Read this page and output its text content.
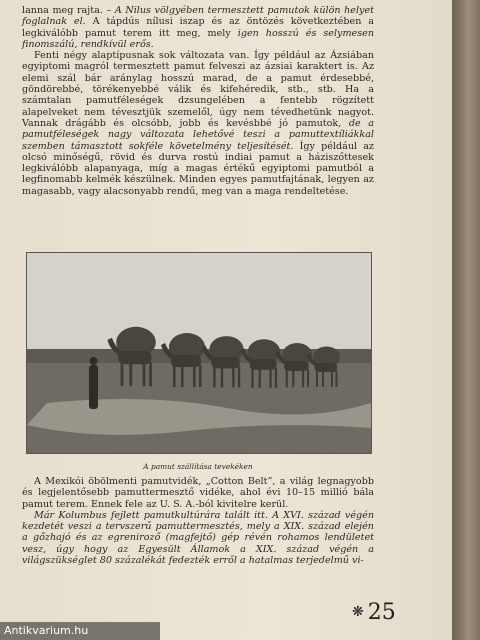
lanna meg rajta. – A Nilus völgyében termesztett pamutok külön helyet foglalnak el. A tápdús nílusi iszap és az öntözés következtében a legkiválóbb pamut terem itt meg, mely igen hosszú és selymesen finomszálú, rendkívül erős.

Fenti négy alaptípusnak sok változata van. Így például az Ázsiában egyiptomi magról termesztett pamut felveszi az ázsiai karaktert is. Az elemi szál bár aránylag hosszú marad, de a pamut érdesebbé, göndörebbé, törékenyebbé válik és kifehéredik, stb., stb. Ha a számtalan pamutféleségek dzsungelében a fentebb rögzített alapelveket nem tévesztjük szemelől, úgy nem tévedhetünk nagyot. Vannak drágább és olcsóbb, jobb és kevésbbé jó pamutok, de a pamutféleségek nagy változata lehetővé teszi a pamuttextíliákkal szemben támasztott sokféle követelmény teljesítését. Így például az olcsó minőségű, rövid és durva rostú indiai pamut a háziszőttesek legkiválóbb alapanyaga, míg a magas értékű egyiptomi pamutból a legfinomabb kelmék készülnek. Minden egyes pamutfajtának, legyen az magasabb, vagy alacsonyabb rendű, meg van a maga rendeltetése.

A pamut szállítása tevekéken

A Mexikói öbölmenti pamutvidék, „Cotton Belt”, a világ legnagyobb és legjelentősebb pamuttermesztő vidéke, ahol évi 10–15 millió bála pamut terem. Ennek fele az U. S. A.-ból kivitelre kerül.

Már Kolumbus fejlett pamutkultúrára talált itt. A XVI. század végén kezdetét veszi a tervszerű pamuttermesztés, mely a XIX. század elején a gőzhajó és az egreniroző (magfejtő) gép révén rohamos lendületet vesz, úgy hogy az Egyesült Államok a XIX. század végén a világszükséglet 80 százalékát fedezték erről a hatalmas terjedelmű vi-

❋ 25
Antikvarium.hu
